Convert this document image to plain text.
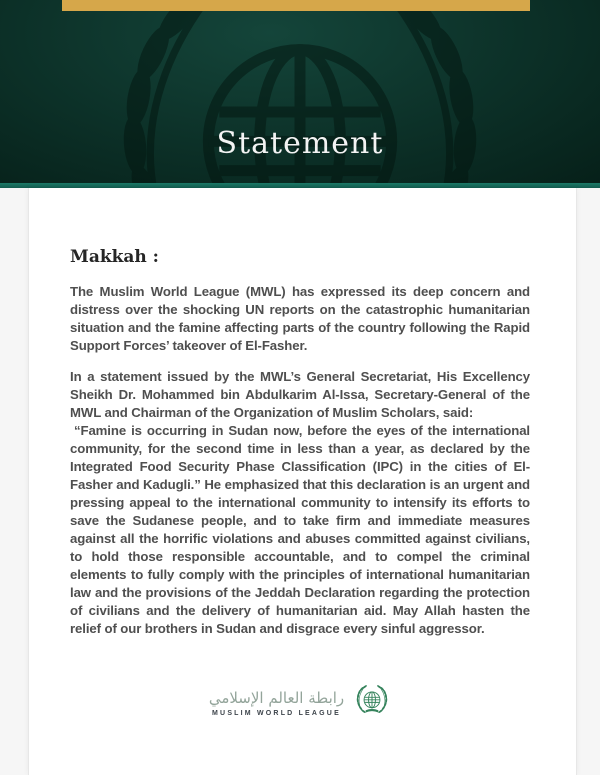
Statement
Makkah :

The Muslim World League (MWL) has expressed its deep concern and distress over the shocking UN reports on the catastrophic humanitarian situation and the famine affecting parts of the country following the Rapid Support Forces’ takeover of El-Fasher.

In a statement issued by the MWL’s General Secretariat, His Excellency Sheikh Dr. Mohammed bin Abdulkarim Al-Issa, Secretary-General of the MWL and Chairman of the Organization of Muslim Scholars, said:

“Famine is occurring in Sudan now, before the eyes of the international community, for the second time in less than a year, as declared by the Integrated Food Security Phase Classification (IPC) in the cities of El-Fasher and Kadugli.” He emphasized that this declaration is an urgent and pressing appeal to the international community to intensify its efforts to save the Sudanese people, and to take firm and immediate measures against all the horrific violations and abuses committed against civilians, to hold those responsible accountable, and to compel the criminal elements to fully comply with the principles of international humanitarian law and the provisions of the Jeddah Declaration regarding the protection of civilians and the delivery of humanitarian aid. May Allah hasten the relief of our brothers in Sudan and disgrace every sinful aggressor.

رابطة العالم الإسلامي
MUSLIM WORLD LEAGUE
